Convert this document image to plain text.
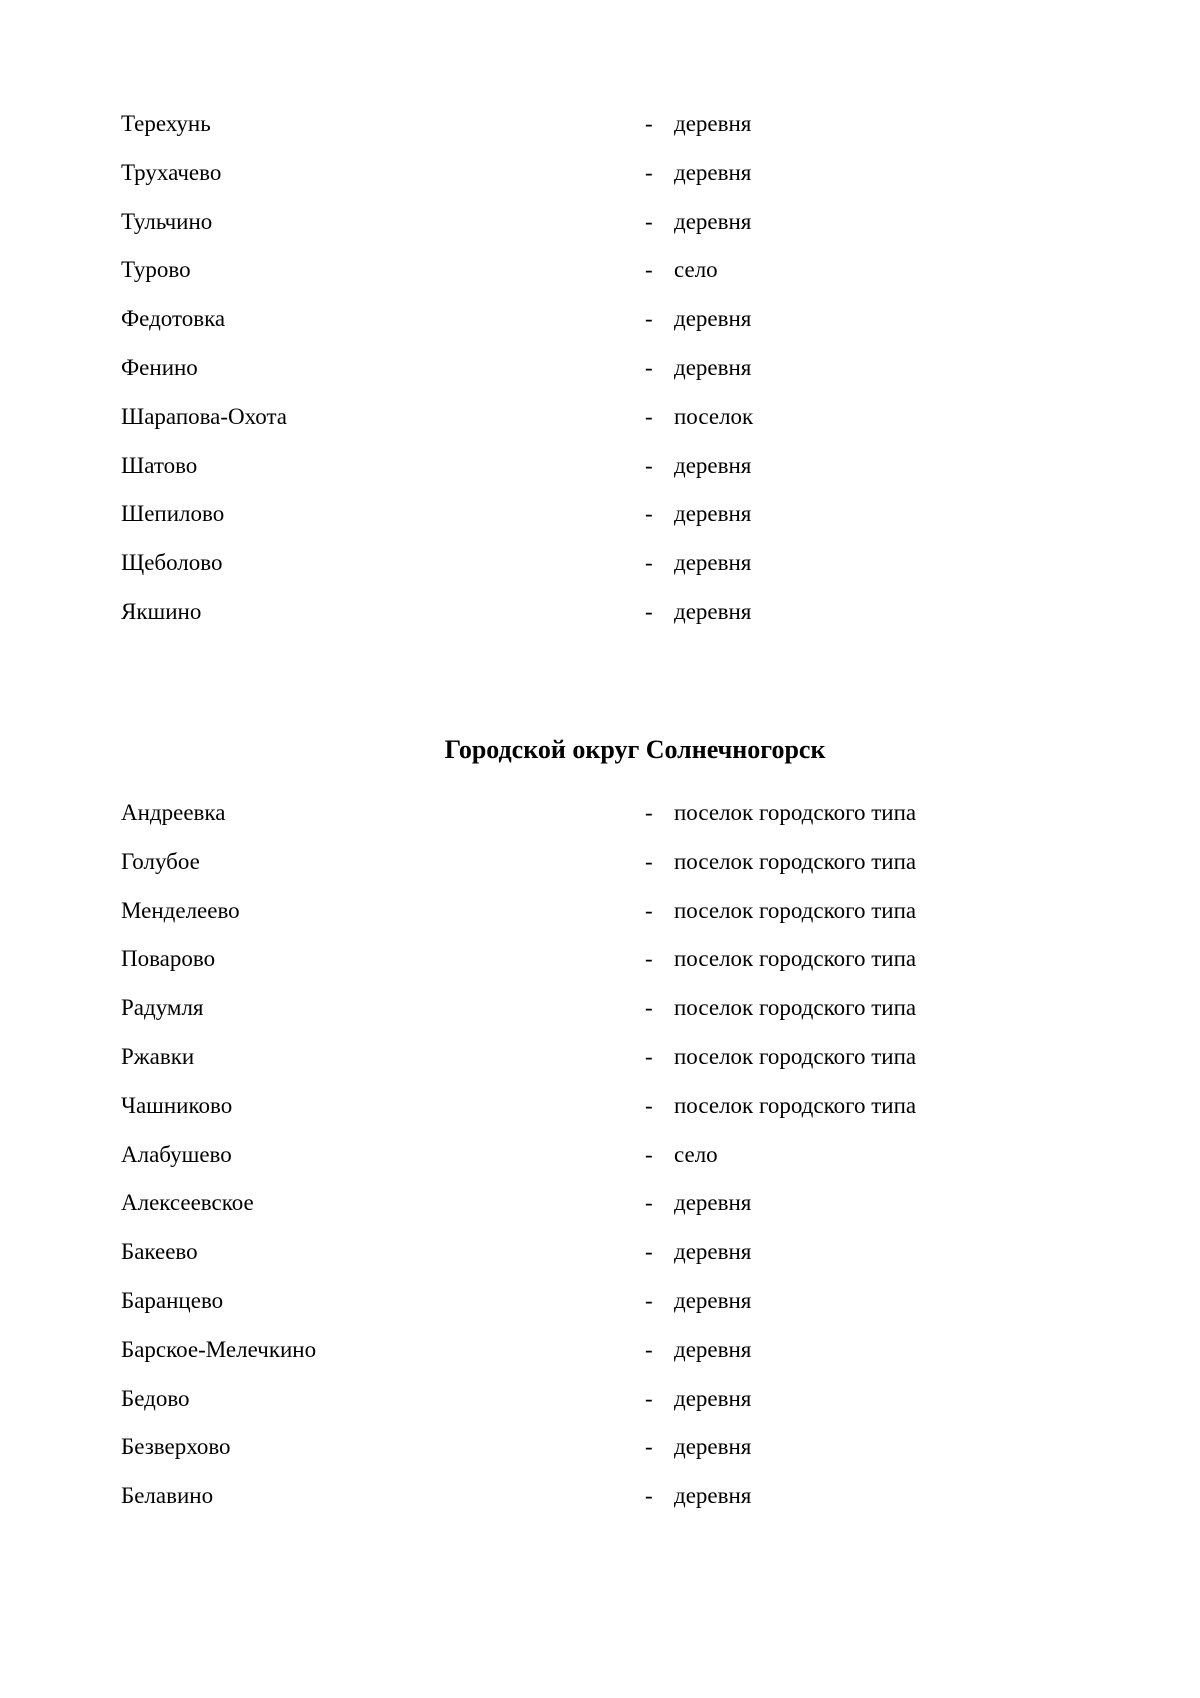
Терехунь	- деревня
Трухачево	- деревня
Тульчино	- деревня
Турово	- село
Федотовка	- деревня
Фенино	- деревня
Шарапова-Охота	- поселок
Шатово	- деревня
Шепилово	- деревня
Щеболово	- деревня
Якшино	- деревня
Городской округ Солнечногорск
Андреевка	- поселок городского типа
Голубое	- поселок городского типа
Менделеево	- поселок городского типа
Поварово	- поселок городского типа
Радумля	- поселок городского типа
Ржавки	- поселок городского типа
Чашниково	- поселок городского типа
Алабушево	- село
Алексеевское	- деревня
Бакеево	- деревня
Баранцево	- деревня
Барское-Мелечкино	- деревня
Бедово	- деревня
Безверхово	- деревня
Белавино	- деревня
